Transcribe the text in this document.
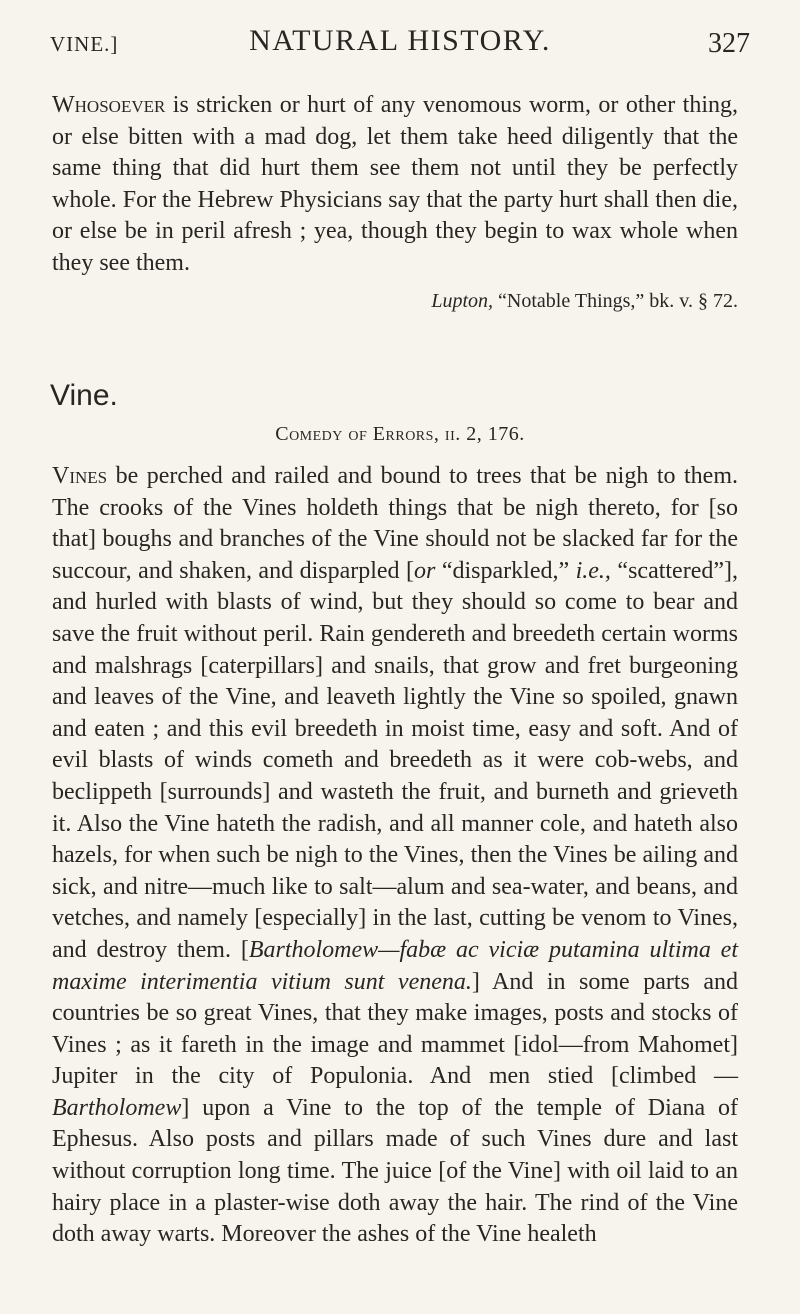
VINE.]	NATURAL HISTORY.	327

Whosoever is stricken or hurt of any venomous worm, or other thing, or else bitten with a mad dog, let them take heed diligently that the same thing that did hurt them see them not until they be perfectly whole. For the Hebrew Physicians say that the party hurt shall then die, or else be in peril afresh ; yea, though they begin to wax whole when they see them.

Lupton, “Notable Things,” bk. v. § 72.
Vine.
Comedy of Errors, ii. 2, 176.

Vines be perched and railed and bound to trees that be nigh to them. The crooks of the Vines holdeth things that be nigh thereto, for [so that] boughs and branches of the Vine should not be slacked far for the succour, and shaken, and disparpled [or “disparkled,” i.e., “scattered”], and hurled with blasts of wind, but they should so come to bear and save the fruit without peril. Rain gendereth and breedeth certain worms and malshrags [caterpillars] and snails, that grow and fret burgeoning and leaves of the Vine, and leaveth lightly the Vine so spoiled, gnawn and eaten ; and this evil breedeth in moist time, easy and soft. And of evil blasts of winds cometh and breedeth as it were cob-webs, and beclippeth [surrounds] and wasteth the fruit, and burneth and grieveth it. Also the Vine hateth the radish, and all manner cole, and hateth also hazels, for when such be nigh to the Vines, then the Vines be ailing and sick, and nitre—much like to salt—alum and sea-water, and beans, and vetches, and namely [especially] in the last, cutting be venom to Vines, and destroy them. [Bartholomew—fabæ ac viciæ putamina ultima et maxime interimentia vitium sunt venena.] And in some parts and countries be so great Vines, that they make images, posts and stocks of Vines ; as it fareth in the image and mammet [idol—from Mahomet] Jupiter in the city of Populonia. And men stied [climbed —Bartholomew] upon a Vine to the top of the temple of Diana of Ephesus. Also posts and pillars made of such Vines dure and last without corruption long time. The juice [of the Vine] with oil laid to an hairy place in a plaster-wise doth away the hair. The rind of the Vine doth away warts. Moreover the ashes of the Vine healeth
